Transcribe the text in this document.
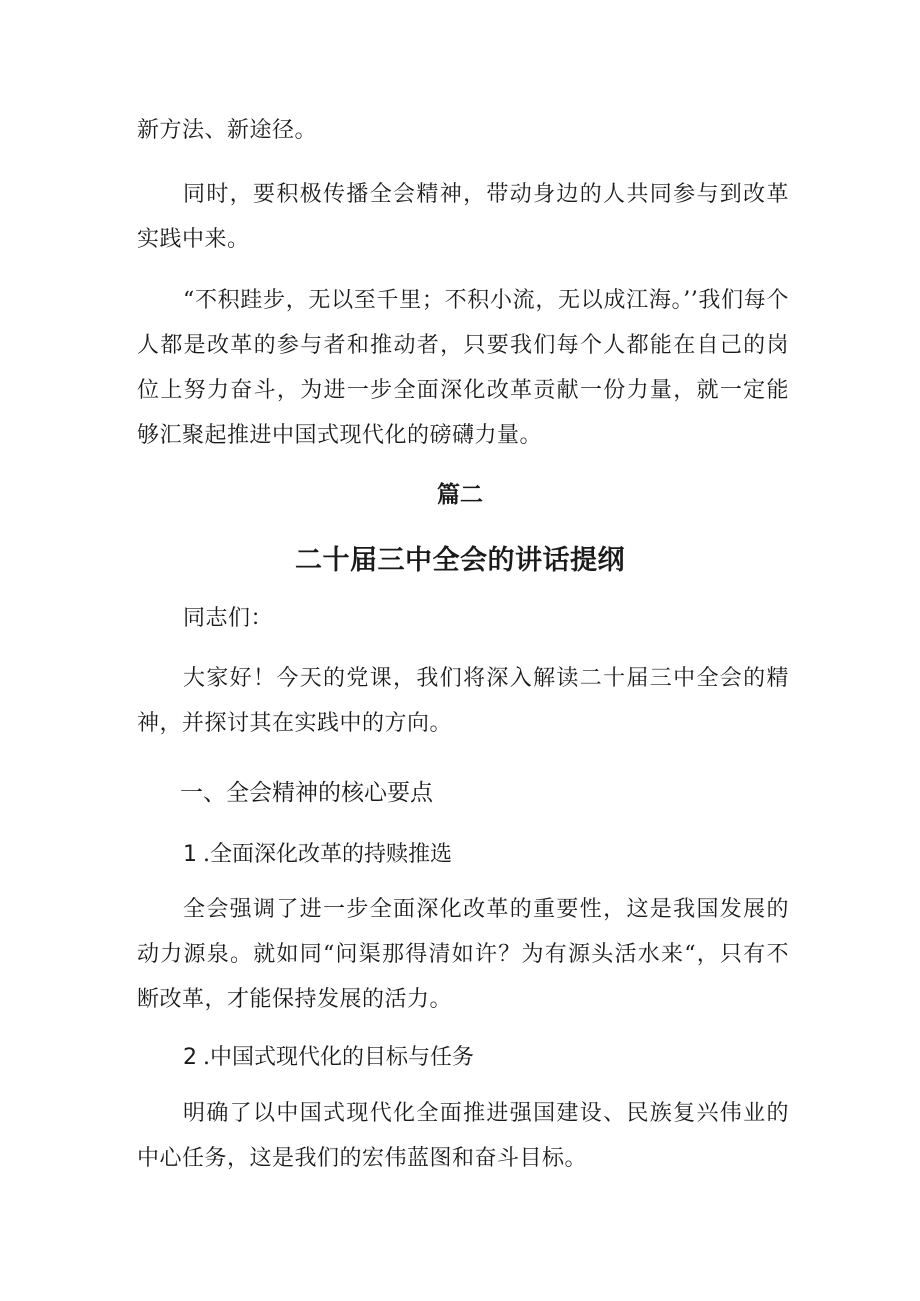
新方法、新途径。

同时，要积极传播全会精神，带动身边的人共同参与到改革实践中来。

“不积跬步，无以至千里；不积小流，无以成江海。’’我们每个人都是改革的参与者和推动者，只要我们每个人都能在自己的岗位上努力奋斗，为进一步全面深化改革贡献一份力量，就一定能够汇聚起推进中国式现代化的磅礴力量。

篇二
二十届三中全会的讲话提纲

同志们：

大家好！今天的党课，我们将深入解读二十届三中全会的精神，并探讨其在实践中的方向。

一、全会精神的核心要点
1 .全面深化改革的持赎推选

全会强调了进一步全面深化改革的重要性，这是我国发展的动力源泉。就如同“问渠那得清如许？为有源头活水来“，只有不断改革，才能保持发展的活力。

2 .中国式现代化的目标与任务

明确了以中国式现代化全面推进强国建设、民族复兴伟业的中心任务，这是我们的宏伟蓝图和奋斗目标。
